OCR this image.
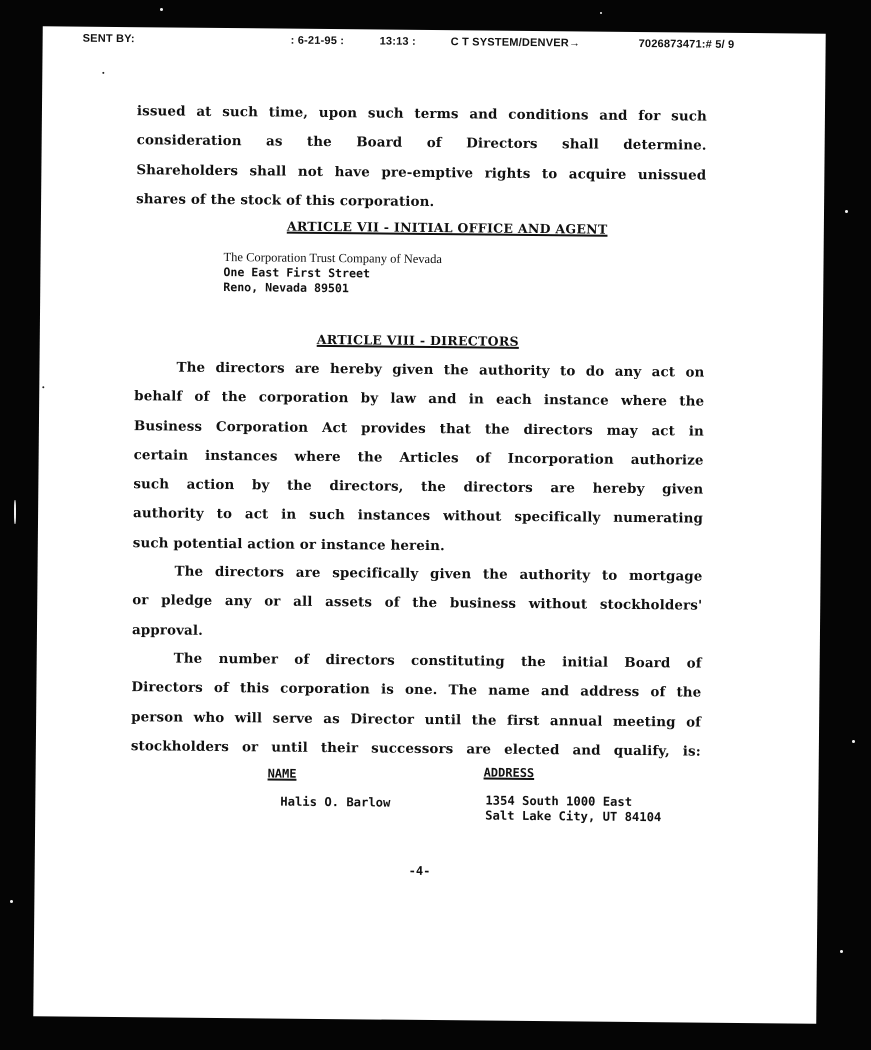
SENT BY:	: 6-21-95 :	13:13 :	C T SYSTEM/DENVER→	7026873471:# 5/ 9
issued at such time, upon such terms and conditions and for such
consideration as the Board of Directors shall determine.
Shareholders shall not have pre-emptive rights to acquire unissued
shares of the stock of this corporation.
ARTICLE VII - INITIAL OFFICE AND AGENT
The Corporation Trust Company of Nevada
One East First Street
Reno, Nevada 89501
ARTICLE VIII - DIRECTORS
The directors are hereby given the authority to do any act on
behalf of the corporation by law and in each instance where the
Business Corporation Act provides that the directors may act in
certain instances where the Articles of Incorporation authorize
such action by the directors, the directors are hereby given
authority to act in such instances without specifically numerating
such potential action or instance herein.
The directors are specifically given the authority to mortgage
or pledge any or all assets of the business without stockholders'
approval.
The number of directors constituting the initial Board of
Directors of this corporation is one. The name and address of the
person who will serve as Director until the first annual meeting of
stockholders or until their successors are elected and qualify, is:
NAME	ADDRESS
Halis O. Barlow	1354 South 1000 East
Salt Lake City, UT 84104
-4-
